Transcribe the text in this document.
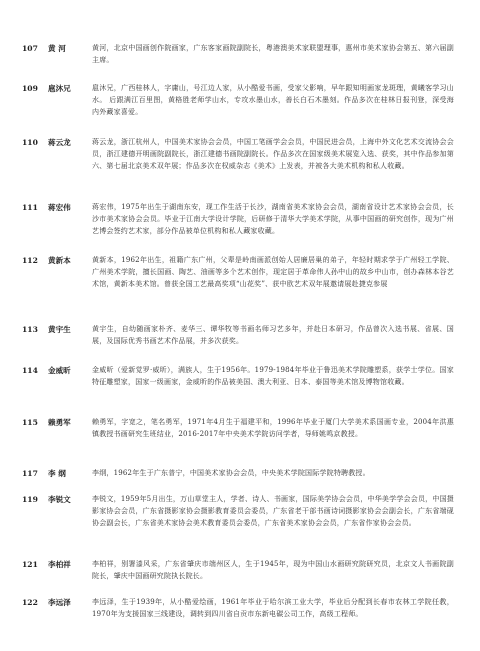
107	黄 河	黄河，北京中国画创作院画家，广东客家画院副院长，粤港澳美术家联盟理事，惠州市美术家协会第五、第六届副主席。
109	扈沐兄	扈沐兄，广西桂林人，字庸山，号江边人家，从小酷爱书画，受家父影响，早年跟知明画家龙斑理，黄曦客学习山水。 后跟满江百里图，黄格胜老师学山水，专攻水墨山水，善长白石木墨刻。作品多次在桂林日报刊登，深受海内外藏家喜爱。
110	蒋云龙	蒋云龙，浙江杭州人，中国美术家协会会员，中国工笔画学会会员，中国民进会员，上海中外文化艺术交流协会会员，浙江建德开明画院副院长，浙江建德书画院副院长。作品多次在国家级美术展览入选、获奖，其中作品参加第六、第七届北京美术双年展；作品多次在权威杂志《美术》上发表，并被各大美术机构和私人收藏。
111	蒋宏伟	蒋宏伟，1975年出生于湖南东安，现工作生活于长沙，湖南省美术家协会会员，湖南省设计艺术家协会会员，长沙市美术家协会会员。毕业于江南大学设计学院，后研修于清华大学美术学院，从事中国画的研究创作，现为广州艺博会签约艺术家，部分作品被单位机构和私人藏家收藏。
112	黄新本	黄新本，1962年出生，祖籍广东广州，父辈是岭南画派创始人居廉居巢的弟子，年轻时期求学于广州轻工学院、广州美术学院，擅长国画、陶艺、油画等多个艺术创作，现定居于革命伟人孙中山的故乡中山市，创办森林本谷艺术馆，黄新本美术馆。曾获全国工艺最高奖项“山花奖”、获中欧艺术双年展邀请展赴捷克参展
113	黄宇生	黄宇生，自幼随画家朴齐、麦华三、谭华牧等书画名师习艺多年，并赴日本研习，作品曾次入选书展、省展、国展，及国际优秀书画艺术作品展，并多次获奖。
114	金威昕	金威昕（爱新觉罗·威昕），满族人，生于1956年。1979-1984年毕业于鲁迅美术学院雕塑系，获学士学位。国家特征雕塑家，国家一级画家，金威昕的作品被美国、澳大利亚、日本、泰国等美术馆及博物馆收藏。
115	赖勇军	赖勇军，字宽之，笔名勇军，1971年4月生于福建平和，1996年毕业于厦门大学美术系国画专业，2004年洪惠镇教授书画研究生班结业，2016-2017年中央美术学院访问学者，导师姚鸣京教授。
117	李 纲	李纲，1962年生于广东普宁，中国美术家协会会员，中央美术学院国际学院特聘教授。
119	李锐文	李锐文，1959年5月出生，万山草堂主人，学者、诗人、书画家，国际美学协会会员，中华美学学会会员，中国摄影家协会会员，广东省摄影家协会摄影教育委员会委员，广东省老干部书画诗词摄影家协会会副会长，广东省端砚协会副会长，广东省美术家协会美术教育委员会委员，广东省美术家协会会员，广东省作家协会会员。
121	李柏祥	李柏祥，别署漆风采，广东省肇庆市端州区人，生于1945年，现为中国山水画研究院研究员，北京文人书画院副院长，肇庆中国画研究院执长院长。
122	李远泽	李远泽，生于1939年，从小酷爱绘画，1961年毕业于哈尔滨工业大学，毕业后分配到长春市农林工学院任教，1970年为支援国家三线建设，调转到四川省自贡市东新电碳公司工作，高级工程师。
